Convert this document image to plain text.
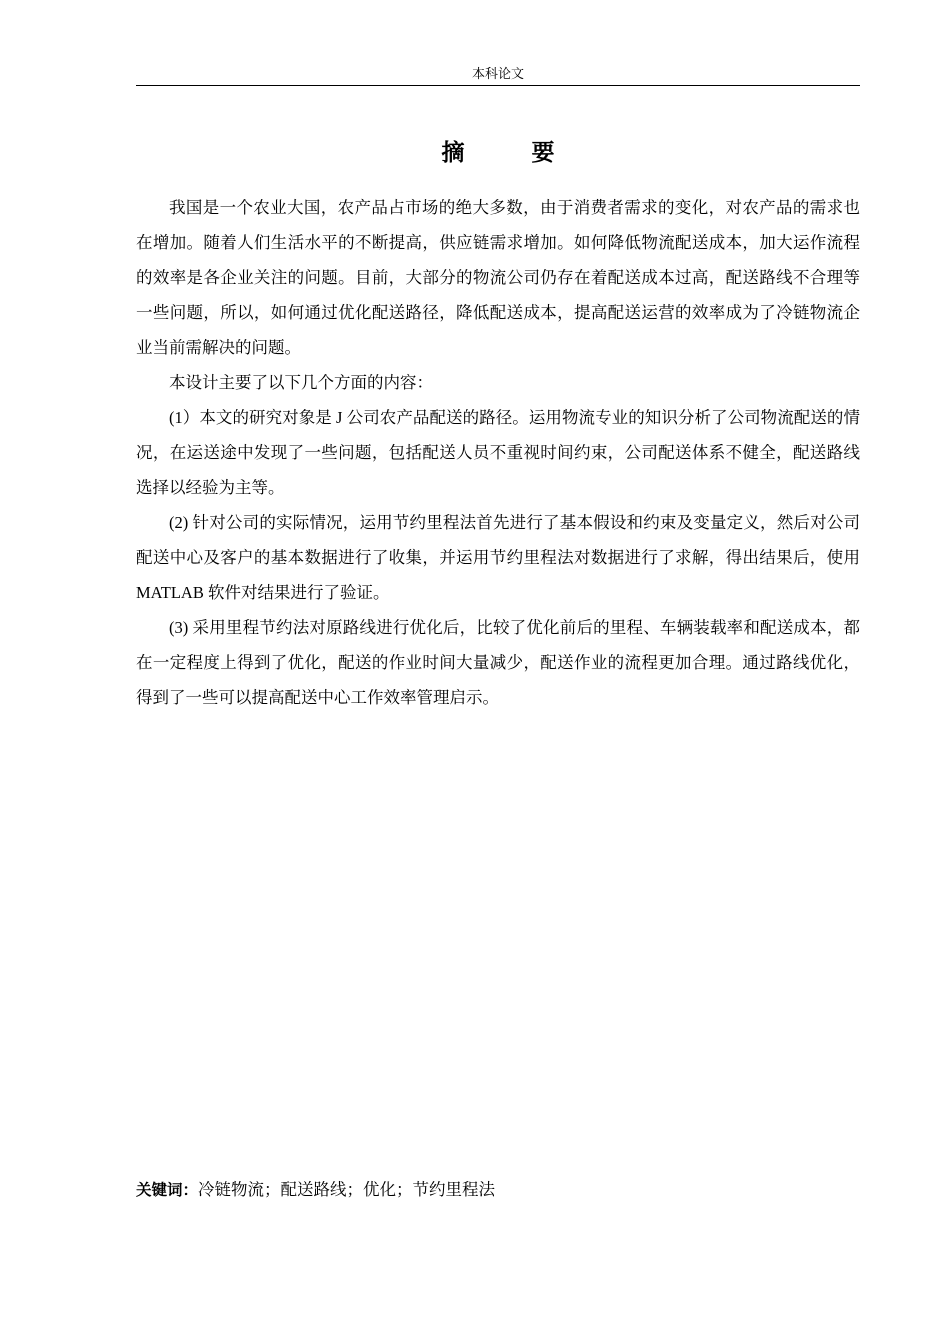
本科论文
摘　要

我国是一个农业大国，农产品占市场的绝大多数，由于消费者需求的变化，对农产品的需求也在增加。随着人们生活水平的不断提高，供应链需求增加。如何降低物流配送成本，加大运作流程的效率是各企业关注的问题。目前，大部分的物流公司仍存在着配送成本过高，配送路线不合理等一些问题，所以，如何通过优化配送路径，降低配送成本，提高配送运营的效率成为了冷链物流企业当前需解决的问题。

本设计主要了以下几个方面的内容：

(1）本文的研究对象是 J 公司农产品配送的路径。运用物流专业的知识分析了公司物流配送的情况，在运送途中发现了一些问题，包括配送人员不重视时间约束，公司配送体系不健全，配送路线选择以经验为主等。

(2) 针对公司的实际情况，运用节约里程法首先进行了基本假设和约束及变量定义，然后对公司配送中心及客户的基本数据进行了收集，并运用节约里程法对数据进行了求解，得出结果后，使用 MATLAB 软件对结果进行了验证。

(3) 采用里程节约法对原路线进行优化后，比较了优化前后的里程、车辆装载率和配送成本，都在一定程度上得到了优化，配送的作业时间大量减少，配送作业的流程更加合理。通过路线优化，得到了一些可以提高配送中心工作效率管理启示。

关键词：冷链物流；配送路线；优化；节约里程法
